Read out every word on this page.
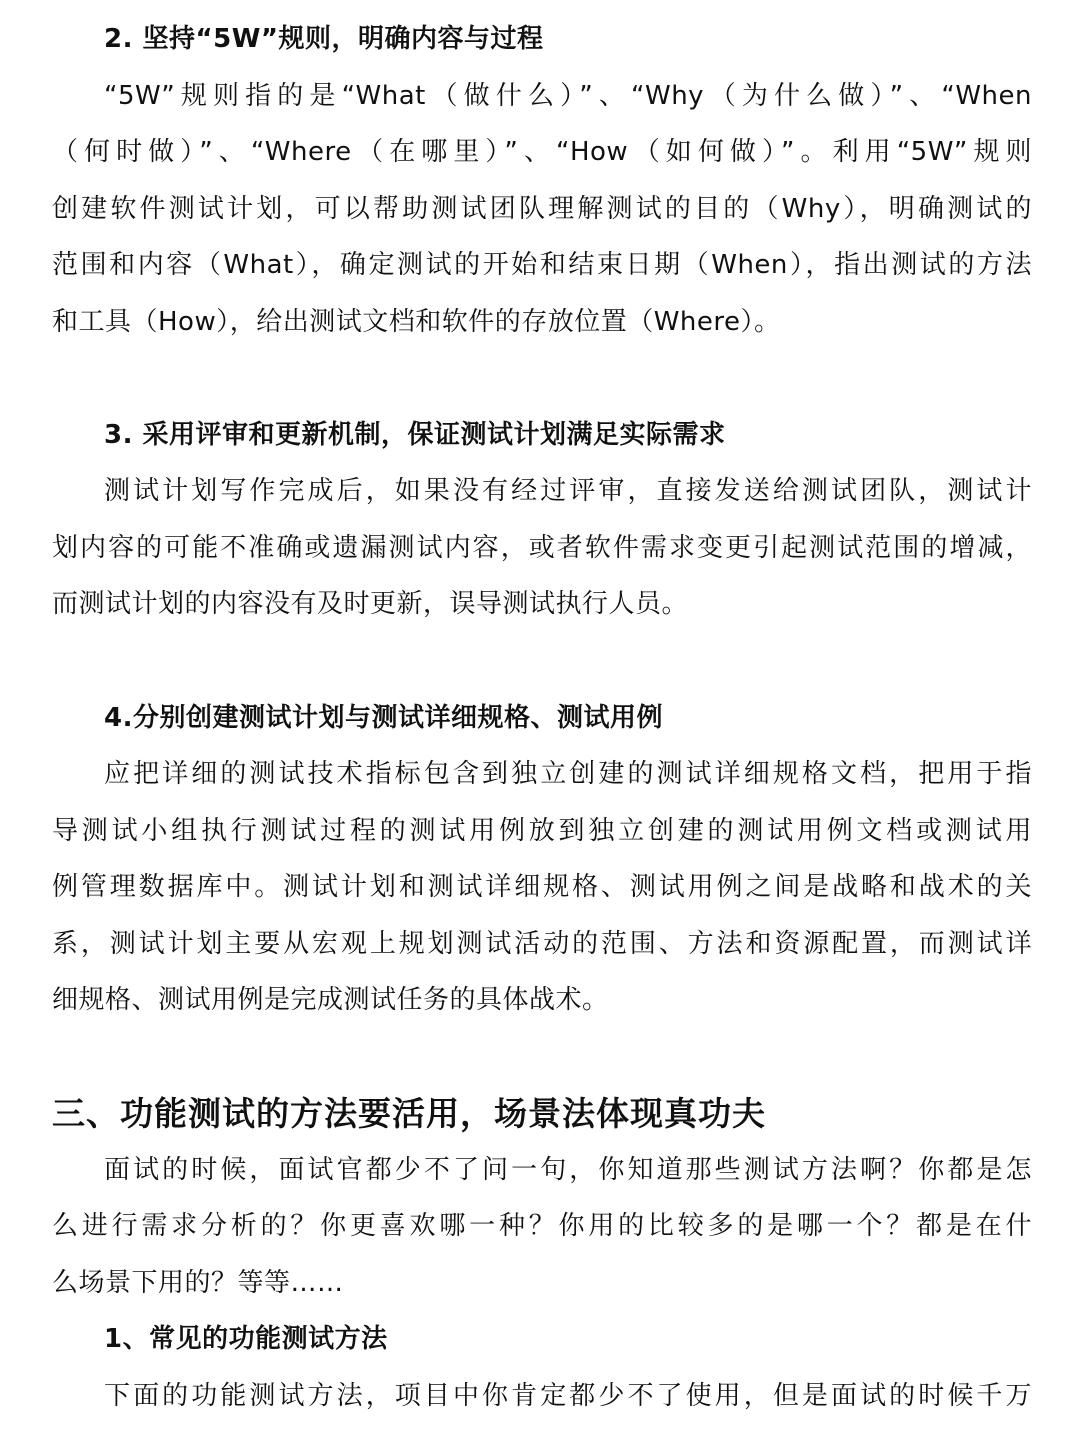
2. 坚持“5W”规则，明确内容与过程
“5W”规则指的是“What（做什么）”、“Why（为什么做）”、“When
（何时做）”、“Where（在哪里）”、“How（如何做）”。利用“5W”规则
创建软件测试计划，可以帮助测试团队理解测试的目的（Why），明确测试的
范围和内容（What），确定测试的开始和结束日期（When），指出测试的方法
和工具（How），给出测试文档和软件的存放位置（Where）。
3. 采用评审和更新机制，保证测试计划满足实际需求
测试计划写作完成后，如果没有经过评审，直接发送给测试团队，测试计
划内容的可能不准确或遗漏测试内容，或者软件需求变更引起测试范围的增减，
而测试计划的内容没有及时更新，误导测试执行人员。
4.分别创建测试计划与测试详细规格、测试用例
应把详细的测试技术指标包含到独立创建的测试详细规格文档，把用于指
导测试小组执行测试过程的测试用例放到独立创建的测试用例文档或测试用
例管理数据库中。测试计划和测试详细规格、测试用例之间是战略和战术的关
系，测试计划主要从宏观上规划测试活动的范围、方法和资源配置，而测试详
细规格、测试用例是完成测试任务的具体战术。
三、功能测试的方法要活用，场景法体现真功夫
面试的时候，面试官都少不了问一句，你知道那些测试方法啊？你都是怎
么进行需求分析的？你更喜欢哪一种？你用的比较多的是哪一个？都是在什
么场景下用的？等等……
1、常见的功能测试方法
下面的功能测试方法，项目中你肯定都少不了使用，但是面试的时候千万
